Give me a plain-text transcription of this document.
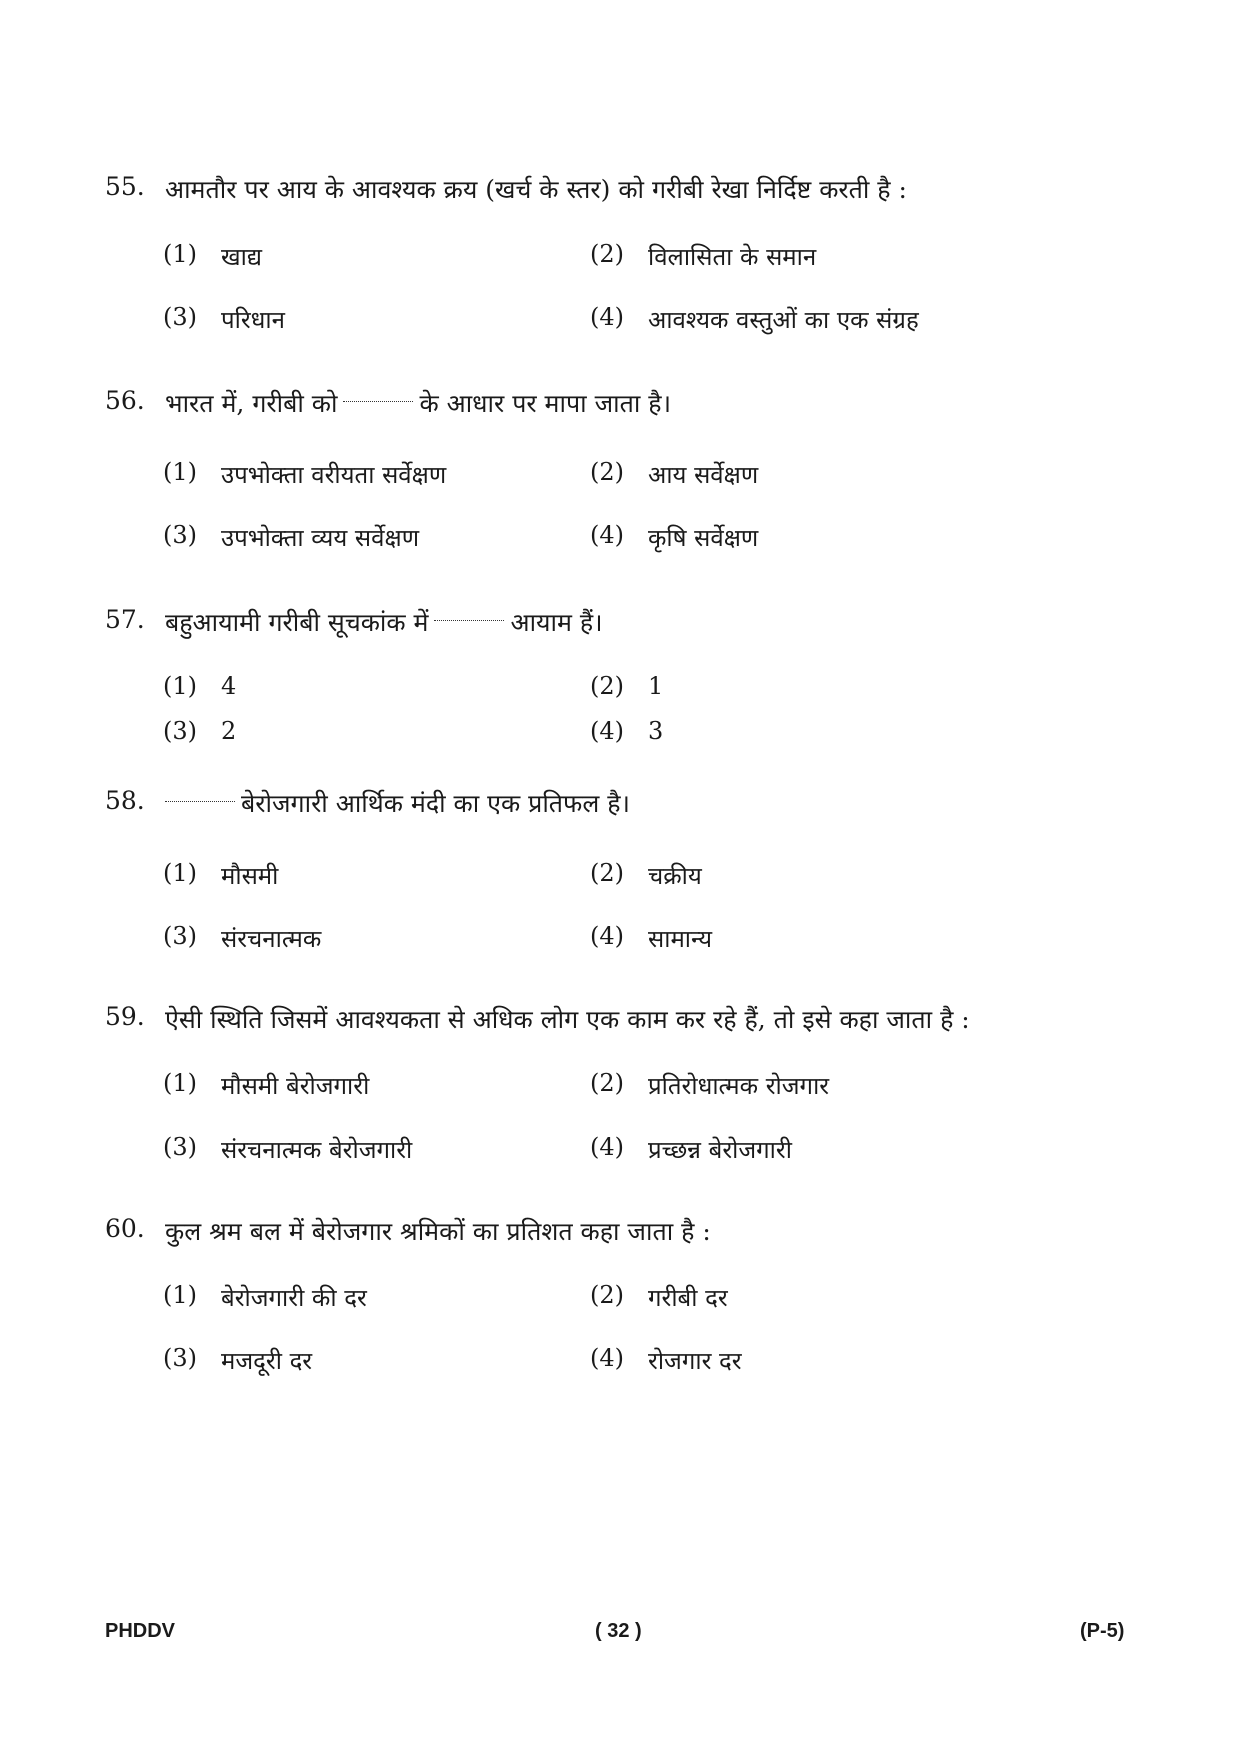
55. आमतौर पर आय के आवश्यक क्रय (खर्च के स्तर) को गरीबी रेखा निर्दिष्ट करती है :
(1) खाद्य	(2) विलासिता के समान
(3) परिधान	(4) आवश्यक वस्तुओं का एक संग्रह
56. भारत में, गरीबी को	के आधार पर मापा जाता है।
(1) उपभोक्ता वरीयता सर्वेक्षण	(2) आय सर्वेक्षण
(3) उपभोक्ता व्यय सर्वेक्षण	(4) कृषि सर्वेक्षण
57. बहुआयामी गरीबी सूचकांक में	आयाम हैं।
(1) 4	(2) 1
(3) 2	(4) 3
58.	बेरोजगारी आर्थिक मंदी का एक प्रतिफल है।
(1) मौसमी	(2) चक्रीय
(3) संरचनात्मक	(4) सामान्य
59. ऐसी स्थिति जिसमें आवश्यकता से अधिक लोग एक काम कर रहे हैं, तो इसे कहा जाता है :
(1) मौसमी बेरोजगारी	(2) प्रतिरोधात्मक रोजगार
(3) संरचनात्मक बेरोजगारी	(4) प्रच्छन्न बेरोजगारी
60. कुल श्रम बल में बेरोजगार श्रमिकों का प्रतिशत कहा जाता है :
(1) बेरोजगारी की दर	(2) गरीबी दर
(3) मजदूरी दर	(4) रोजगार दर
PHDDV	( 32 )	(P-5)
